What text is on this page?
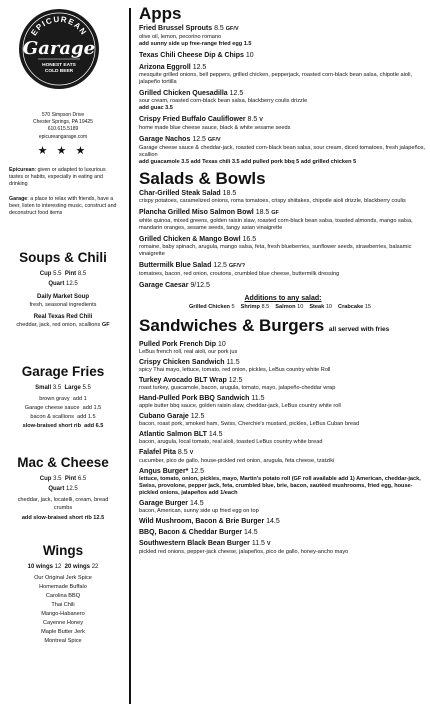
EPICUREAN
Garage
HONEST EATS
COLD BEER
570 Simpson Drive
Chester Springs, PA 19425
610.615.5189
epicureangarage.com
★ ★ ★
Epicurean: given or adapted to luxurious tastes or habits, especially in eating and drinking
Garage: a place to relax with friends, have a beer, listen to interesting music, construct and deconstruct food items
Soups & Chili
Cup 5.5 Pint 8.5
Quart 12.5
Daily Market Soup
fresh, seasonal ingredients
Real Texas Red Chili
cheddar, jack, red onion, scallions GF
Garage Fries
Small 3.5 Large 5.5
brown gravy add 1
Garage cheese sauce add 1.5
bacon & scallions add 1.5
slow-braised short rib add 6.5
Mac & Cheese
Cup 3.5 Pint 6.5
Quart 12.5
cheddar, jack, locatelli, cream, bread crumbs
add slow-braised short rib 12.5
Wings
10 wings 12 20 wings 22
Our Original Jerk Spice
Homemade Buffalo
Carolina BBQ
Thai Chili
Mango-Habanero
Cayenne Honey
Maple Butter Jerk
Montreal Spice
Apps
Fried Brussel Sprouts 8.5 GF/V
olive oil, lemon, pecorino romano
add sunny side up free-range fried egg 1.5
Texas Chili Cheese Dip & Chips 10
Arizona Eggroll 12.5
mesquite grilled onions, bell peppers, grilled chicken, pepperjack, roasted corn-black bean salsa, chipotle aioli, jalapeño tortilla
Grilled Chicken Quesadilla 12.5
sour cream, roasted corn-black bean salsa, blackberry coulis drizzle
add guac 3.5
Crispy Fried Buffalo Cauliflower 8.5 V
home made blue cheese sauce, black & white sesame seeds
Garage Nachos 12.5 GF/V
Garage cheese sauce & cheddar-jack, roasted corn-black bean salsa, sour cream, diced tomatoes, fresh jalapeños, scallion
add guacamole 3.5 add Texas chili 3.5 add pulled pork bbq 5 add grilled chicken 5
Salads & Bowls
Char-Grilled Steak Salad 18.5
crispy potatoes, caramelized onions, roma tomatoes, crispy shiitakes, chipotle aioli drizzle, blackberry coulis
Plancha Grilled Miso Salmon Bowl 18.5 GF
white quinoa, mixed greens, golden raisin slaw, roasted corn-black bean salsa, toasted almonds, mango salsa, mandarin oranges, sesame seeds, tangy asian vinaigrette
Grilled Chicken & Mango Bowl 16.5
romaine, baby spinach, arugula, mango salsa, feta, fresh blueberries, sunflower seeds, strawberries, balsamic vinaigrette
Buttermilk Blue Salad 12.5 GF/V?
tomatoes, bacon, red onion, croutons, crumbled blue cheese, buttermilk dressing
Garage Caesar 9/12.5
Additions to any salad:
Grilled Chicken 5 Shrimp 8.5 Salmon 10 Steak 10 Crabcake 15
Sandwiches & Burgers all served with fries
Pulled Pork French Dip 10
LeBus french roll, real aioli, our pork jus
Crispy Chicken Sandwich 11.5
spicy Thai mayo, lettuce, tomato, red onion, pickles, LeBus country white Roll
Turkey Avocado BLT Wrap 12.5
roast turkey, guacamole, bacon, arugula, tomato, mayo, jalapeño-cheddar wrap
Hand-Pulled Pork BBQ Sandwich 11.5
apple butter bbq sauce, golden raisin slaw, cheddar-jack, LeBus country white roll
Cubano Garaje 12.5
bacon, roast pork, smoked ham, Swiss, Cherchie's mustard, pickles, LeBus Cuban bread
Atlantic Salmon BLT 14.5
bacon, arugula, local tomato, real aioli, toasted LeBus country white bread
Falafel Pita 8.5 V
cucumber, pico de gallo, house-pickled red onion, arugula, feta cheese, tzatziki
Angus Burger* 12.5
lettuce, tomato, onion, pickles, mayo, Martin's potato roll (GF roll available add 1) American, cheddar-jack, Swiss, provolone, pepper jack, feta, crumbled blue, brie, bacon, sautéed mushrooms, fried egg, house-pickled onions, jalapeños add 1/each
Garage Burger 14.5
bacon, American, sunny side up fried egg on top
Wild Mushroom, Bacon & Brie Burger 14.5
BBQ, Bacon & Cheddar Burger 14.5
Southwestern Black Bean Burger 11.5 V
pickled red onions, pepper-jack cheese, jalapeños, pico de gallo, honey-ancho mayo
